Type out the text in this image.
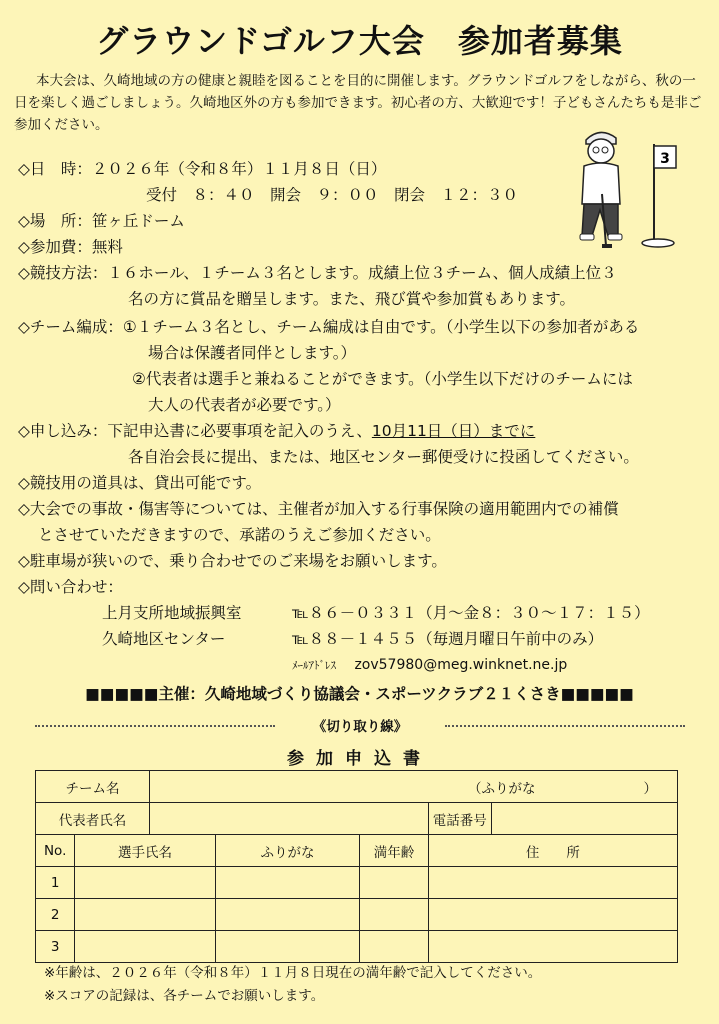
グラウンドゴルフ大会　参加者募集
本大会は、久崎地域の方の健康と親睦を図ることを目的に開催します。グラウンドゴルフをしながら、秋の一日を楽しく過ごしましょう。久崎地区外の方も参加できます。初心者の方、大歓迎です！子どもさんたちも是非ご参加ください。
3
◇日　時：２０２６年（令和８年）１１月８日（日）
受付　８：４０　開会　９：００　閉会　１２：３０
◇場　所：笹ヶ丘ドーム
◇参加費：無料
◇競技方法：１６ホール、１チーム３名とします。成績上位３チーム、個人成績上位３
名の方に賞品を贈呈します。また、飛び賞や参加賞もあります。
◇チーム編成：①１チーム３名とし、チーム編成は自由です。（小学生以下の参加者がある
場合は保護者同伴とします。）
②代表者は選手と兼ねることができます。（小学生以下だけのチームには
大人の代表者が必要です。）
◇申し込み：下記申込書に必要事項を記入のうえ、10月11日（日）までに
各自治会長に提出、または、地区センター郵便受けに投函してください。
◇競技用の道具は、貸出可能です。
◇大会での事故・傷害等については、主催者が加入する行事保険の適用範囲内での補償
とさせていただきますので、承諾のうえご参加ください。
◇駐車場が狭いので、乗り合わせでのご来場をお願いします。
◇問い合わせ：
上月支所地域振興室	℡８６－０３３１（月～金８：３０～１７：１５）
久崎地区センター	℡８８－１４５５（毎週月曜日午前中のみ）
ﾒｰﾙｱﾄﾞﾚｽ zov57980@meg.winknet.ne.jp
■■■■■主催：久崎地域づくり協議会・スポーツクラブ２１くさき■■■■■
《切り取り線》
参加申込書
チーム名		（ふりがな　　　　　　　　）				
代表者氏名					電話番号	
No.	選手氏名		ふりがな	満年齢	住　　所	
1						
2						
3						
※年齢は、２０２６年（令和８年）１１月８日現在の満年齢で記入してください。
※スコアの記録は、各チームでお願いします。
